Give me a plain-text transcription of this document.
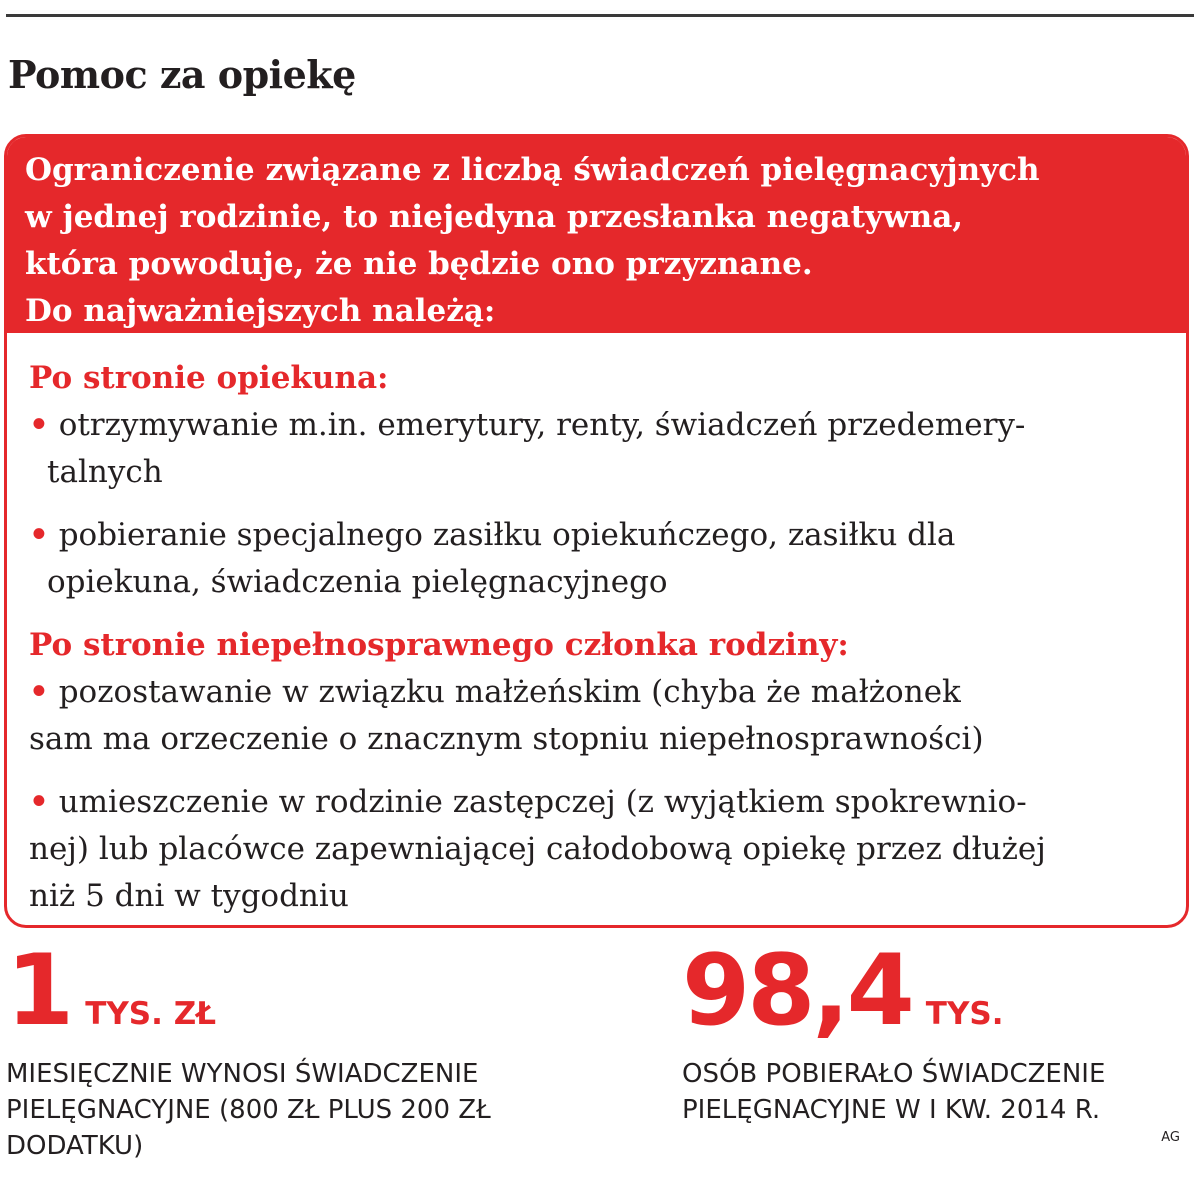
Pomoc za opiekę
Ograniczenie związane z liczbą świadczeń pielęgnacyjnych
w jednej rodzinie, to niejedyna przesłanka negatywna,
która powoduje, że nie będzie ono przyznane.
Do najważniejszych należą:
Po stronie opiekuna:
• otrzymywanie m.in. emerytury, renty, świadczeń przedemery-
talnych
• pobieranie specjalnego zasiłku opiekuńczego, zasiłku dla
opiekuna, świadczenia pielęgnacyjnego
Po stronie niepełnosprawnego członka rodziny:
• pozostawanie w związku małżeńskim (chyba że małżonek
sam ma orzeczenie o znacznym stopniu niepełnosprawności)
• umieszczenie w rodzinie zastępczej (z wyjątkiem spokrewnio-
nej) lub placówce zapewniającej całodobową opiekę przez dłużej
niż 5 dni w tygodniu
1 TYS. ZŁ
MIESIĘCZNIE WYNOSI ŚWIADCZENIE
PIELĘGNACYJNE (800 ZŁ PLUS 200 ZŁ
DODATKU)
98,4 TYS.
OSÓB POBIERAŁO ŚWIADCZENIE
PIELĘGNACYJNE W I KW. 2014 R.
AG
